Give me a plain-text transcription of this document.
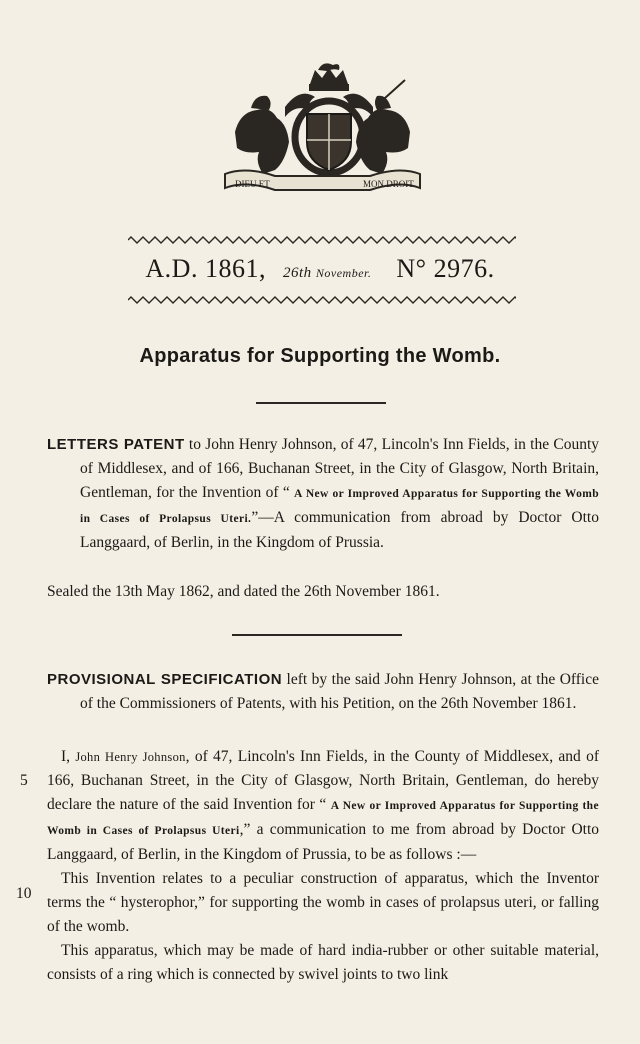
DIEU ET	MON DROIT
A.D. 1861, 26th November. N° 2976.
Apparatus for Supporting the Womb.
LETTERS PATENT to John Henry Johnson, of 47, Lincoln's Inn Fields, in the County of Middlesex, and of 166, Buchanan Street, in the City of Glasgow, North Britain, Gentleman, for the Invention of “ A New or Improved Apparatus for Supporting the Womb in Cases of Prolapsus Uteri.”—A communication from abroad by Doctor Otto Langgaard, of Berlin, in the Kingdom of Prussia.
Sealed the 13th May 1862, and dated the 26th November 1861.
PROVISIONAL SPECIFICATION left by the said John Henry Johnson, at the Office of the Commissioners of Patents, with his Petition, on the 26th November 1861.
I, John Henry Johnson, of 47, Lincoln's Inn Fields, in the County of Middlesex, and of 166, Buchanan Street, in the City of Glasgow, North Britain, Gentleman, do hereby declare the nature of the said Invention for “ A New or Improved Apparatus for Supporting the Womb in Cases of Prolapsus Uteri,” a communication to me from abroad by Doctor Otto Langgaard, of Berlin, in the Kingdom of Prussia, to be as follows :—
This Invention relates to a peculiar construction of apparatus, which the Inventor terms the “ hysterophor,” for supporting the womb in cases of prolapsus uteri, or falling of the womb.
This apparatus, which may be made of hard india-rubber or other suitable material, consists of a ring which is connected by swivel joints to two link
5
10
